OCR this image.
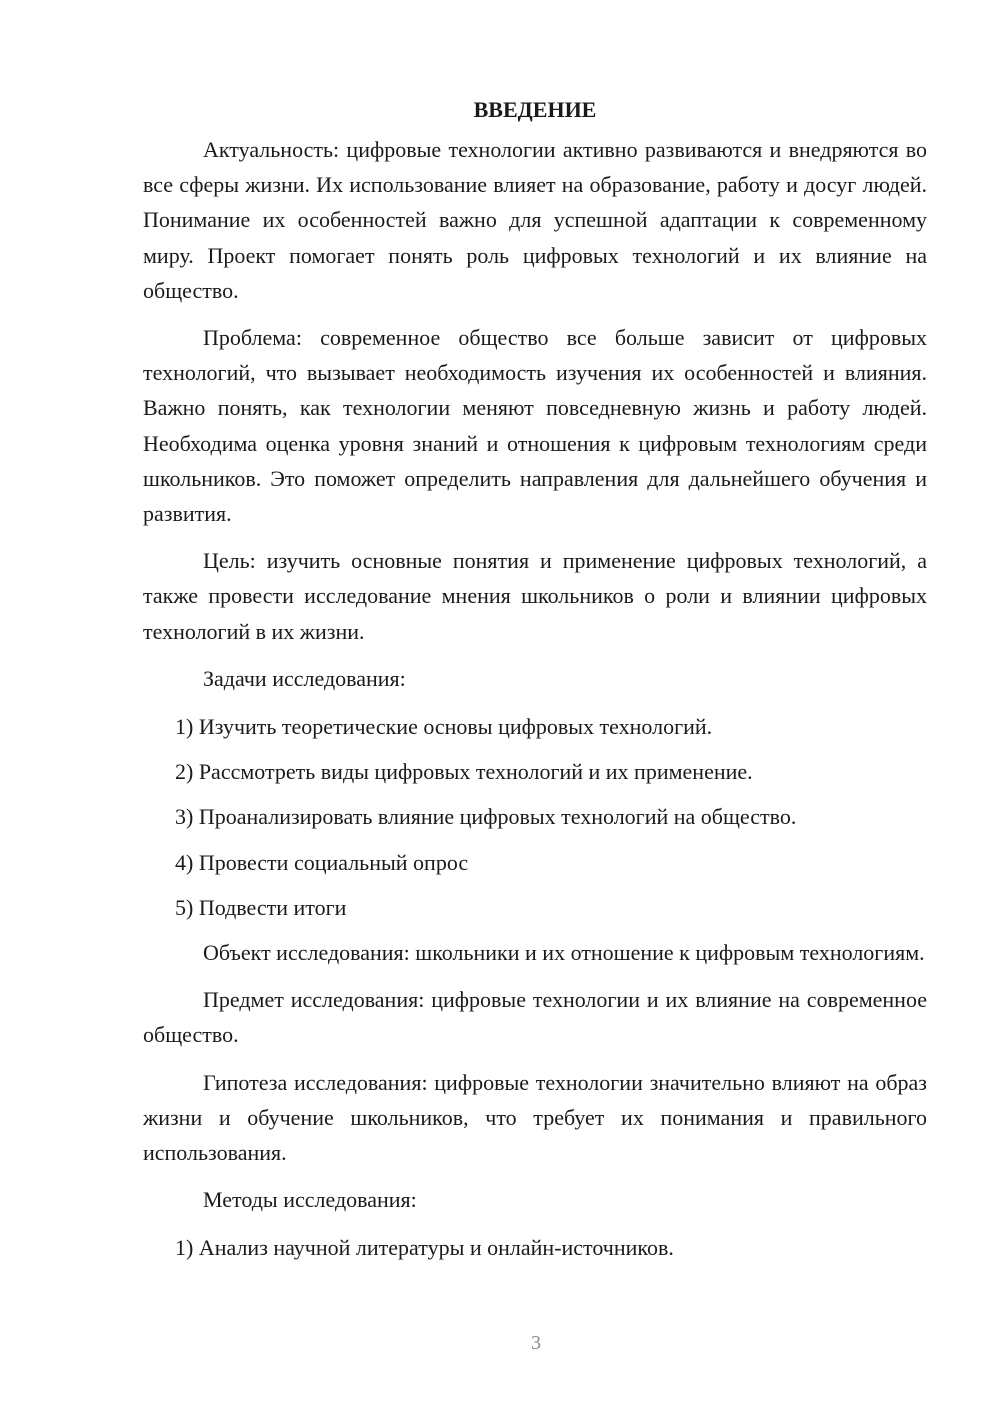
ВВЕДЕНИЕ

Актуальность: цифровые технологии активно развиваются и внедряются во все сферы жизни. Их использование влияет на образование, работу и досуг людей. Понимание их особенностей важно для успешной адаптации к современному миру. Проект помогает понять роль цифровых технологий и их влияние на общество.

Проблема: современное общество все больше зависит от цифровых технологий, что вызывает необходимость изучения их особенностей и влияния. Важно понять, как технологии меняют повседневную жизнь и работу людей. Необходима оценка уровня знаний и отношения к цифровым технологиям среди школьников. Это поможет определить направления для дальнейшего обучения и развития.

Цель: изучить основные понятия и применение цифровых технологий, а также провести исследование мнения школьников о роли и влиянии цифровых технологий в их жизни.

Задачи исследования:

1) Изучить теоретические основы цифровых технологий.

2) Рассмотреть виды цифровых технологий и их применение.

3) Проанализировать влияние цифровых технологий на общество.

4) Провести социальный опрос

5) Подвести итоги

Объект исследования: школьники и их отношение к цифровым технологиям.

Предмет исследования: цифровые технологии и их влияние на современное общество.

Гипотеза исследования: цифровые технологии значительно влияют на образ жизни и обучение школьников, что требует их понимания и правильного использования.

Методы исследования:

1) Анализ научной литературы и онлайн-источников.

3
